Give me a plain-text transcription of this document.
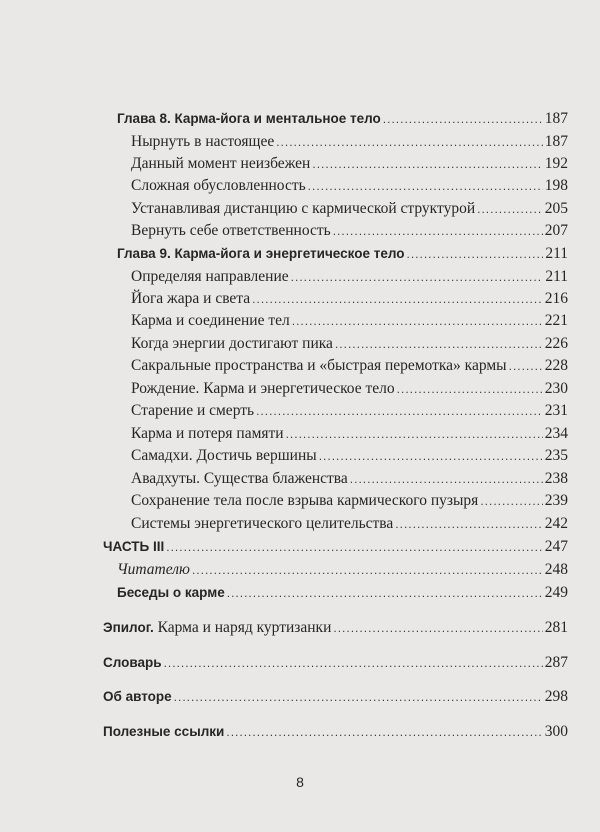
Глава 8. Карма-йога и ментальное тело .....	187
Нырнуть в настоящее .....	187
Данный момент неизбежен .....	192
Сложная обусловленность .....	198
Устанавливая дистанцию с кармической структурой .....	205
Вернуть себе ответственность .....	207
Глава 9. Карма-йога и энергетическое тело .....	211
Определяя направление .....	211
Йога жара и света .....	216
Карма и соединение тел .....	221
Когда энергии достигают пика .....	226
Сакральные пространства и «быстрая перемотка» кармы ..... 228
Рождение. Карма и энергетическое тело .....	230
Старение и смерть .....	231
Карма и потеря памяти .....	234
Самадхи. Достичь вершины .....	235
Авадхуты. Существа блаженства .....	238
Сохранение тела после взрыва кармического пузыря .....	239
Системы энергетического целительства .....	242
ЧАСТЬ III .....	247
Читателю .....	248
Беседы о карме .....	249
Эпилог. Карма и наряд куртизанки .....	281
Словарь .....	287
Об авторе .....	298
Полезные ссылки .....	300
8
